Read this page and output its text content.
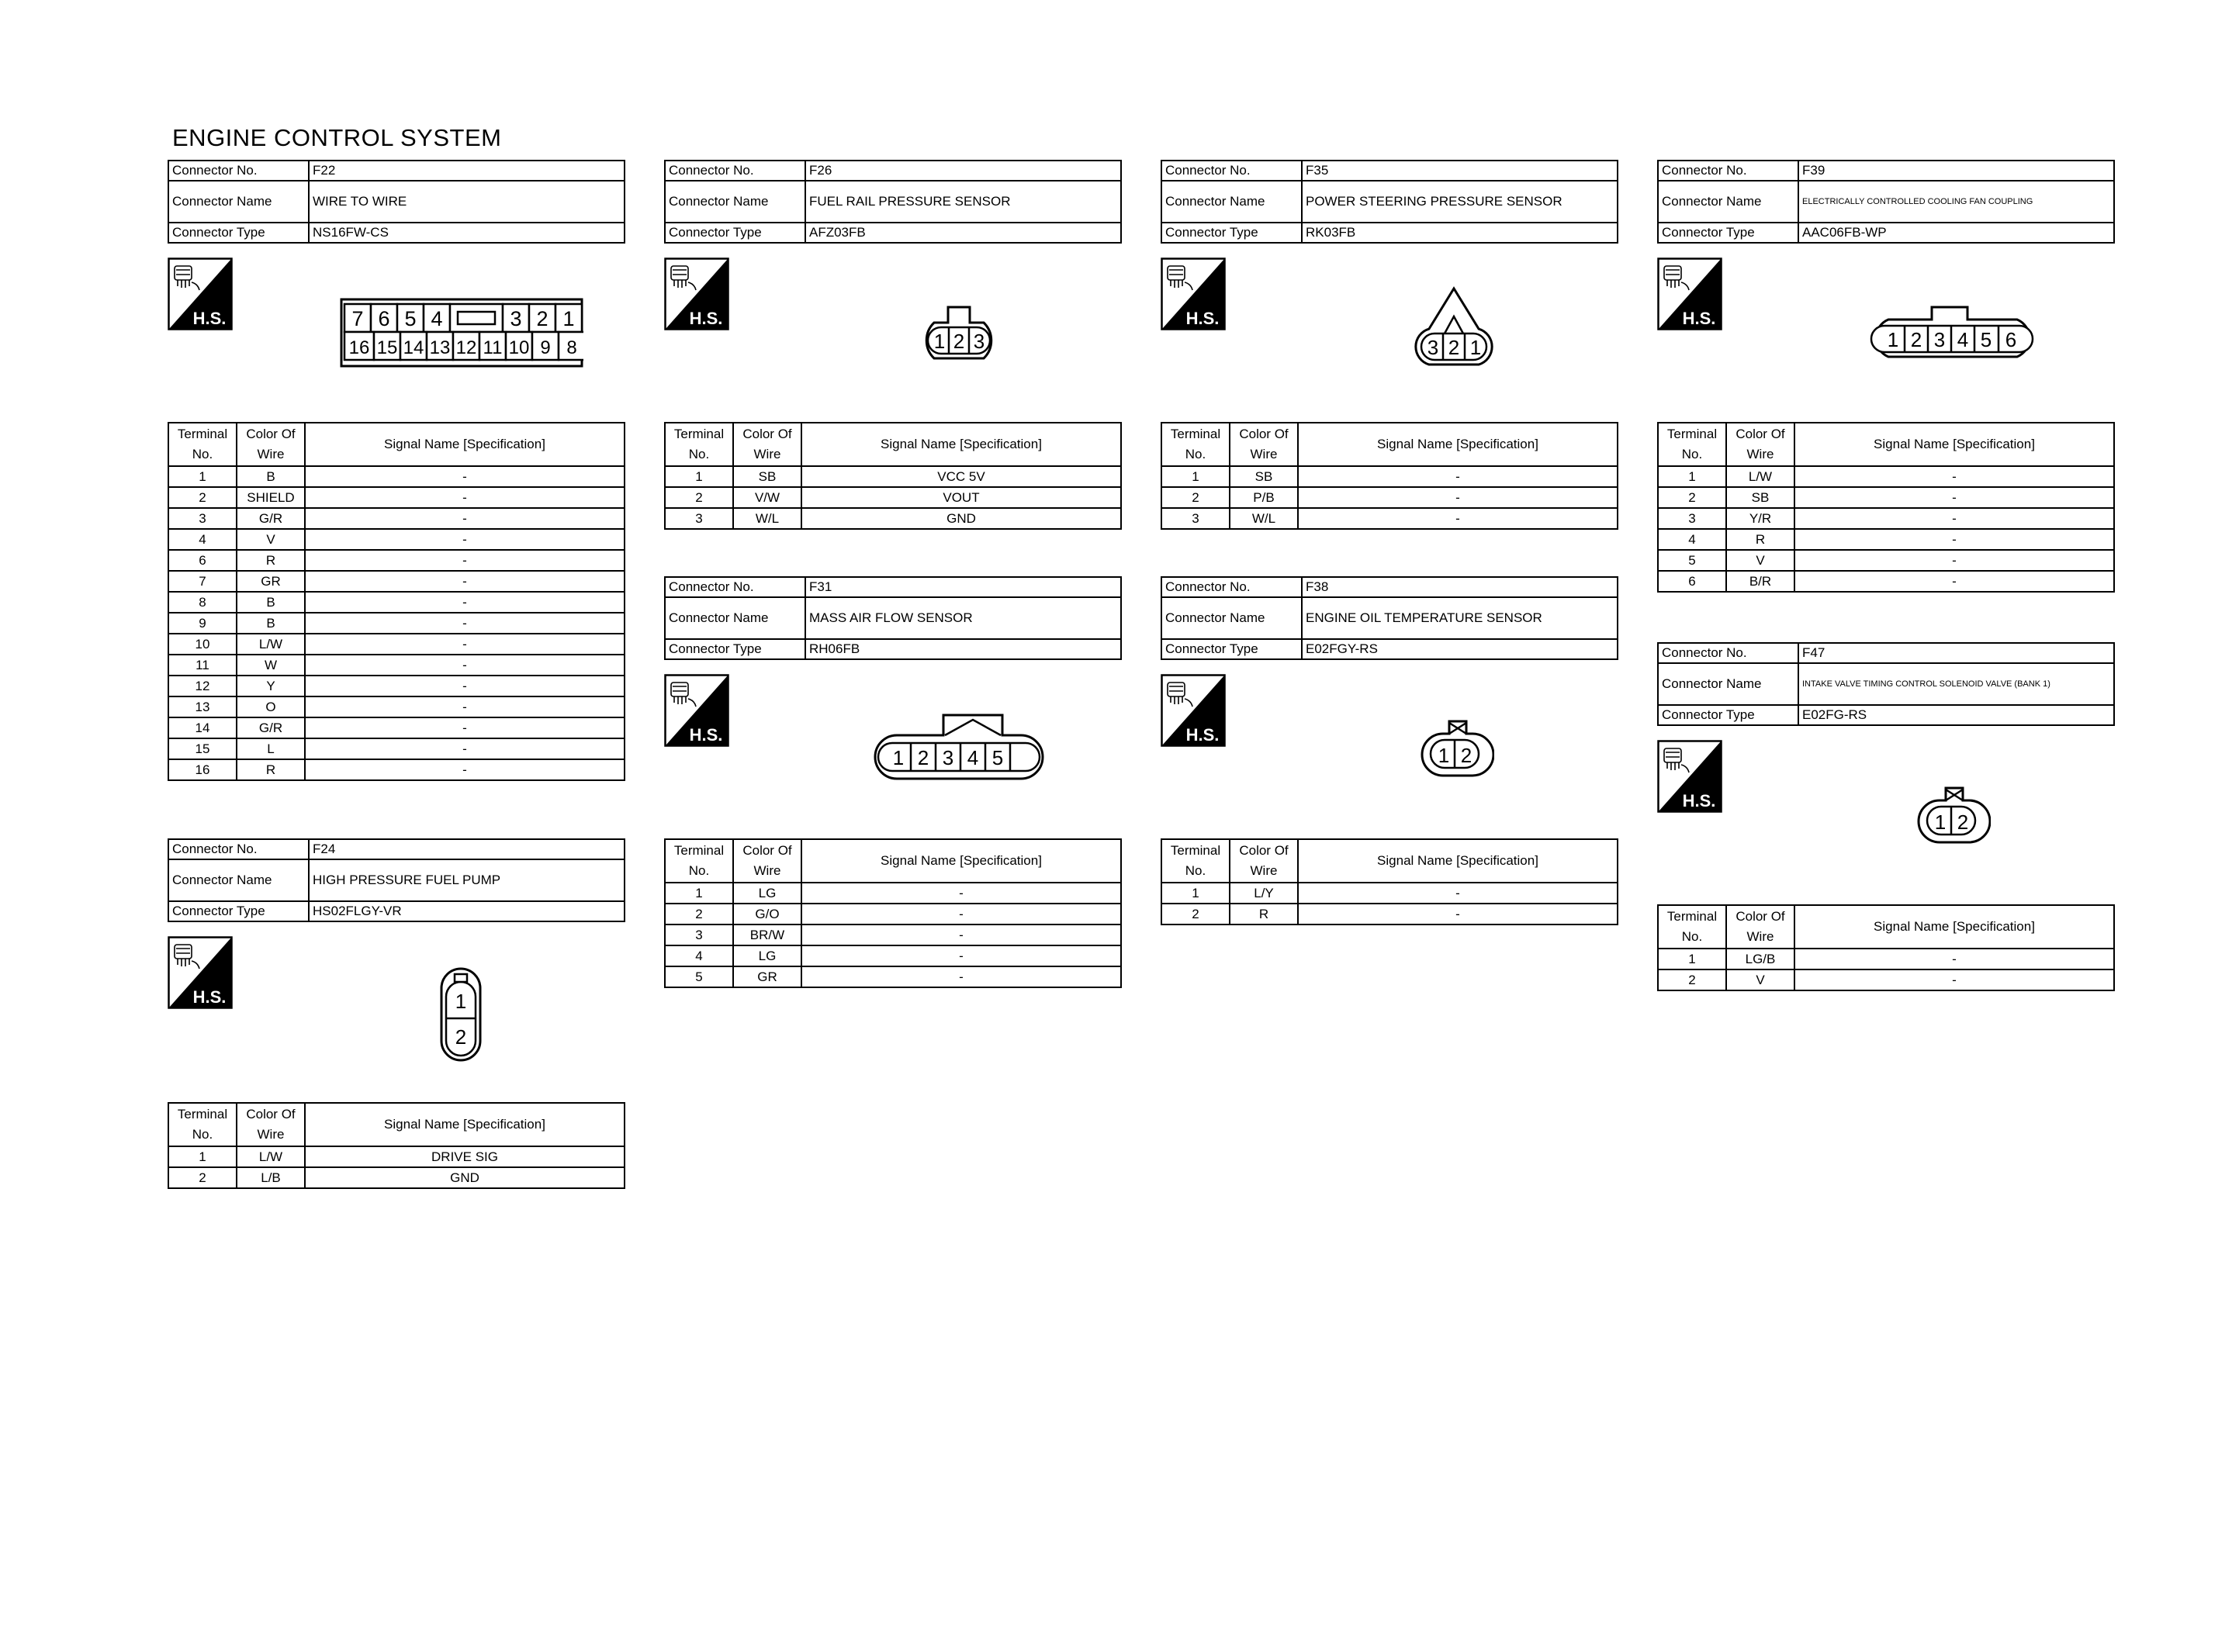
ENGINE CONTROL SYSTEM
Connector No.	F22
Connector Name	WIRE TO WIRE
Connector Type	NS16FW-CS
H.S.	7 6 5 4	3 2 1
16 15 14 13 12 11 10 9 8
Terminal No.	Color Of Wire	Signal Name [Specification]
1	B	-
2	SHIELD	-
3	G/R	-
4	V	-
6	R	-
7	GR	-
8	B	-
9	B	-
10	L/W	-
11	W	-
12	Y	-
13	O	-
14	G/R	-
15	L	-
16	R	-
Connector No.	F24
Connector Name	HIGH PRESSURE FUEL PUMP
Connector Type	HS02FLGY-VR
H.S.	1
2
Terminal No.	Color Of Wire	Signal Name [Specification]
1	L/W	DRIVE SIG
2	L/B	GND
Connector No.	F26
Connector Name	FUEL RAIL PRESSURE SENSOR
Connector Type	AFZ03FB
H.S.
1 2 3
Terminal No.	Color Of Wire	Signal Name [Specification]
1	SB	VCC 5V
2	V/W	VOUT
3	W/L	GND
Connector No.	F31
Connector Name	MASS AIR FLOW SENSOR
Connector Type	RH06FB
H.S.
1 2 3 4 5
Terminal No.	Color Of Wire	Signal Name [Specification]
1	LG	-
2	G/O	-
3	BR/W	-
4	LG	-
5	GR	-
Connector No.	F35
Connector Name	POWER STEERING PRESSURE SENSOR
Connector Type	RK03FB
H.S.
3 2 1
Terminal No.	Color Of Wire	Signal Name [Specification]
1	SB	-
2	P/B	-
3	W/L	-
Connector No.	F38
Connector Name	ENGINE OIL TEMPERATURE SENSOR
Connector Type	E02FGY-RS
H.S.
1 2
Terminal No.	Color Of Wire	Signal Name [Specification]
1	L/Y	-
2	R	-
Connector No.	F39
Connector Name	ELECTRICALLY CONTROLLED COOLING FAN COUPLING
Connector Type	AAC06FB-WP
H.S.
1 2 3 4 5 6
Terminal No.	Color Of Wire	Signal Name [Specification]
1	L/W	-
2	SB	-
3	Y/R	-
4	R	-
5	V	-
6	B/R	-
Connector No.	F47
Connector Name	INTAKE VALVE TIMING CONTROL SOLENOID VALVE (BANK 1)
Connector Type	E02FG-RS
H.S.
1 2
Terminal No.	Color Of Wire	Signal Name [Specification]
1	LG/B	-
2	V	-
